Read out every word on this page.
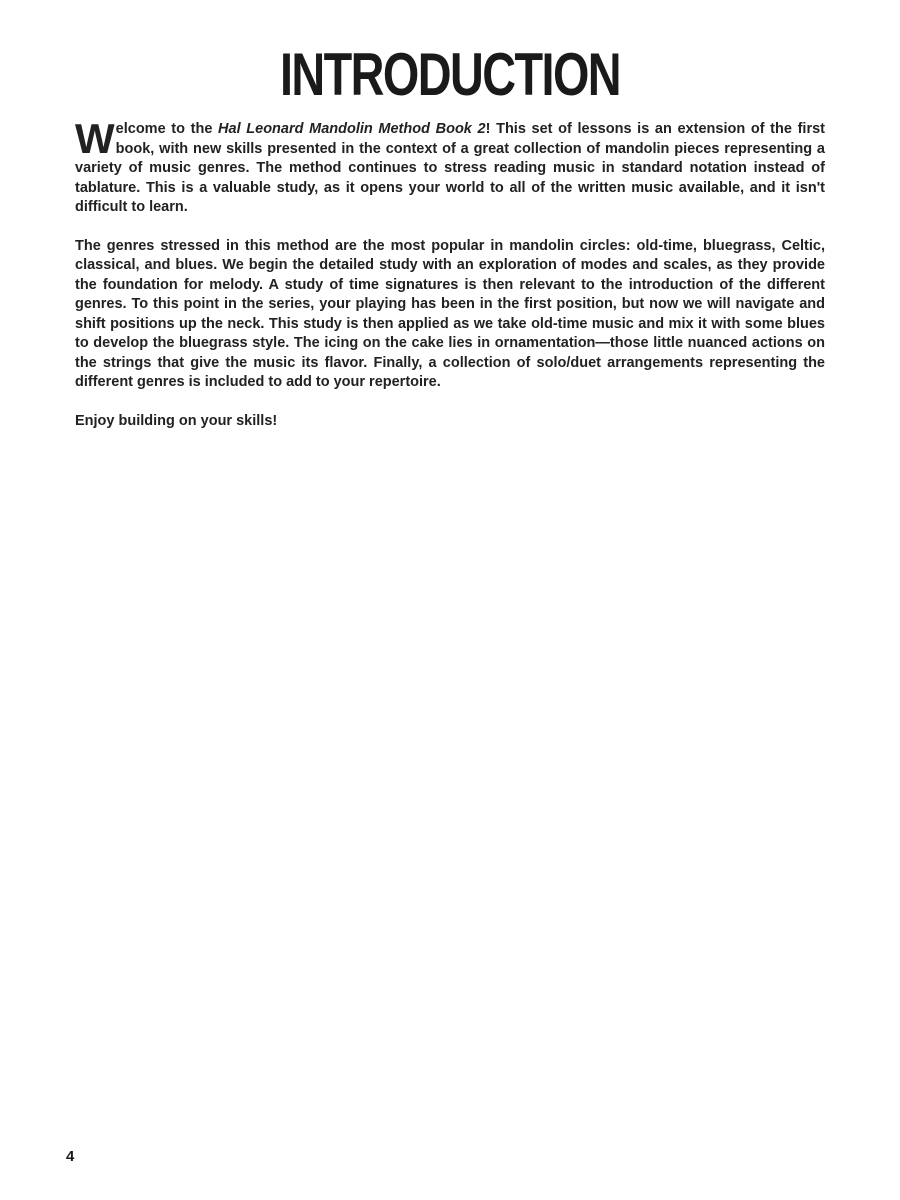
INTRODUCTION

Welcome to the Hal Leonard Mandolin Method Book 2! This set of lessons is an extension of the first book, with new skills presented in the context of a great collection of mandolin pieces representing a variety of music genres. The method continues to stress reading music in standard notation instead of tablature. This is a valuable study, as it opens your world to all of the written music available, and it isn't difficult to learn.

The genres stressed in this method are the most popular in mandolin circles: old-time, bluegrass, Celtic, classical, and blues. We begin the detailed study with an exploration of modes and scales, as they provide the foundation for melody. A study of time signatures is then relevant to the introduction of the different genres. To this point in the series, your playing has been in the first position, but now we will navigate and shift positions up the neck. This study is then applied as we take old-time music and mix it with some blues to develop the bluegrass style. The icing on the cake lies in ornamentation—those little nuanced actions on the strings that give the music its flavor. Finally, a collection of solo/duet arrangements representing the different genres is included to add to your repertoire.

Enjoy building on your skills!

4
